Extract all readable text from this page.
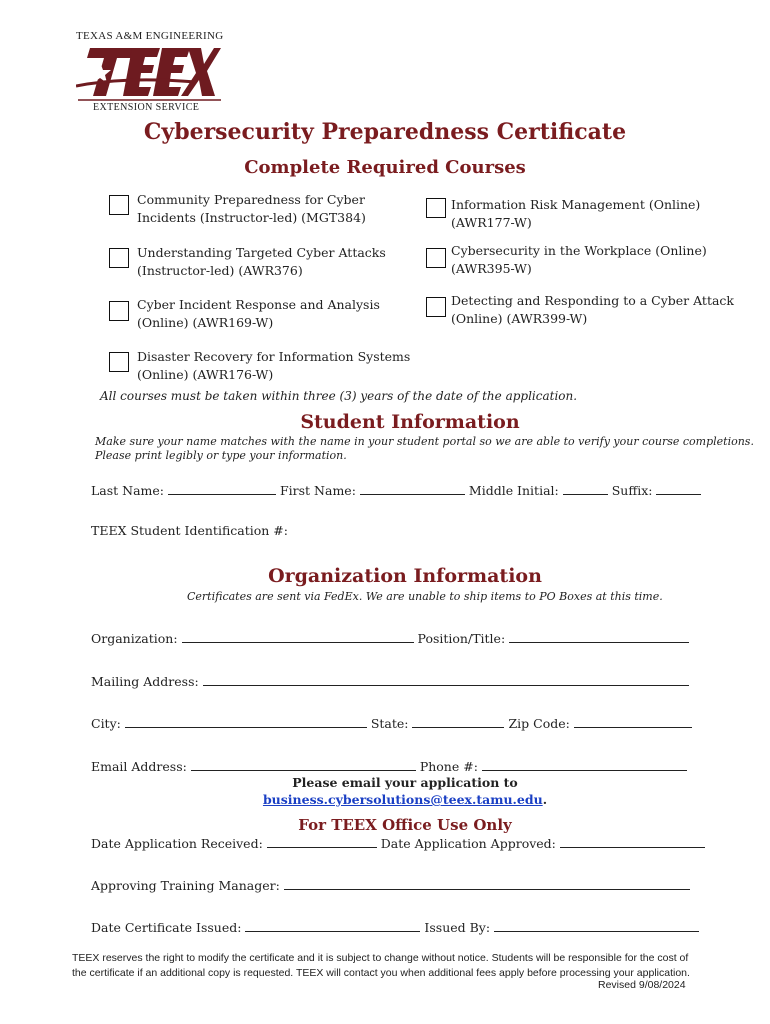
TEXAS A&M ENGINEERING
EXTENSION SERVICE
Cybersecurity Preparedness Certificate
Complete Required Courses
Community Preparedness for Cyber
Incidents (Instructor-led) (MGT384)
Understanding Targeted Cyber Attacks
(Instructor-led) (AWR376)
Cyber Incident Response and Analysis
(Online) (AWR169-W)
Disaster Recovery for Information Systems
(Online) (AWR176-W)
Information Risk Management (Online)
(AWR177-W)
Cybersecurity in the Workplace (Online)
(AWR395-W)
Detecting and Responding to a Cyber Attack
(Online) (AWR399-W)
All courses must be taken within three (3) years of the date of the application.
Student Information
Make sure your name matches with the name in your student portal so we are able to verify your course completions.
Please print legibly or type your information.
Last Name:	First Name:	Middle Initial:	Suffix:
TEEX Student Identification #:
Organization Information
Certificates are sent via FedEx. We are unable to ship items to PO Boxes at this time.
Organization:	Position/Title:
Mailing Address:
City:	State:	Zip Code:
Email Address:	Phone #:
Please email your application to
business.cybersolutions@teex.tamu.edu.
For TEEX Office Use Only
Date Application Received:	Date Application Approved:
Approving Training Manager:
Date Certificate Issued:	Issued By:
TEEX reserves the right to modify the certificate and it is subject to change without notice. Students will be responsible for the cost of the certificate if an additional copy is requested. TEEX will contact you when additional fees apply before processing your application.
Revised 9/08/2024
